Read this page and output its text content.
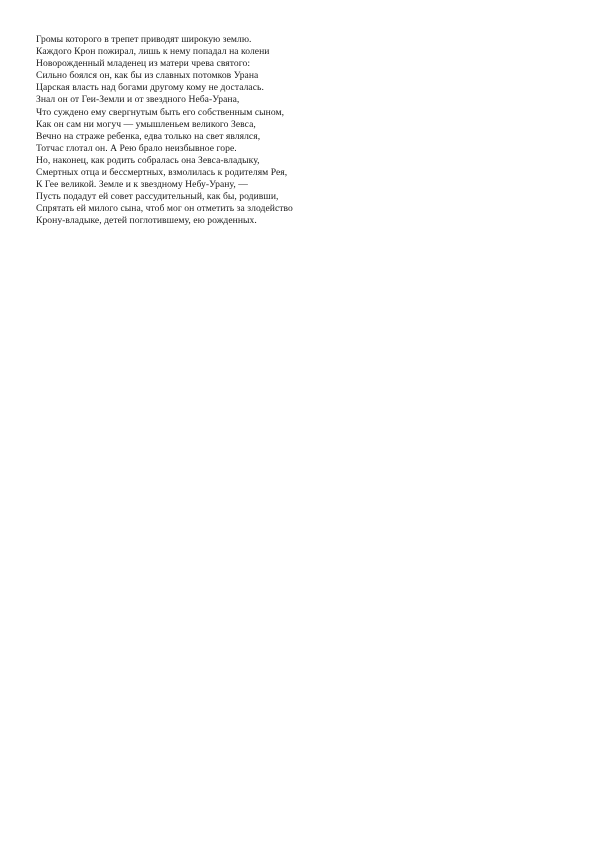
Громы которого в трепет приводят широкую землю.
Каждого Крон пожирал, лишь к нему попадал на колени
Новорожденный младенец из матери чрева святого:
Сильно боялся он, как бы из славных потомков Урана
Царская власть над богами другому кому не досталась.
Знал он от Геи-Земли и от звездного Неба-Урана,
Что суждено ему свергнутым быть его собственным сыном,
Как он сам ни могуч — умышленьем великого Зевса,
Вечно на страже ребенка, едва только на свет являлся,
Тотчас глотал он. А Рею брало неизбывное горе.
Но, наконец, как родить собралась она Зевса-владыку,
Смертных отца и бессмертных, взмолилась к родителям Рея,
К Гее великой. Земле и к звездному Небу-Урану, —
Пусть подадут ей совет рассудительный, как бы, родивши,
Спрятать ей милого сына, чтоб мог он отметить за злодейство
Крону-владыке, детей поглотившему, ею рожденных.
